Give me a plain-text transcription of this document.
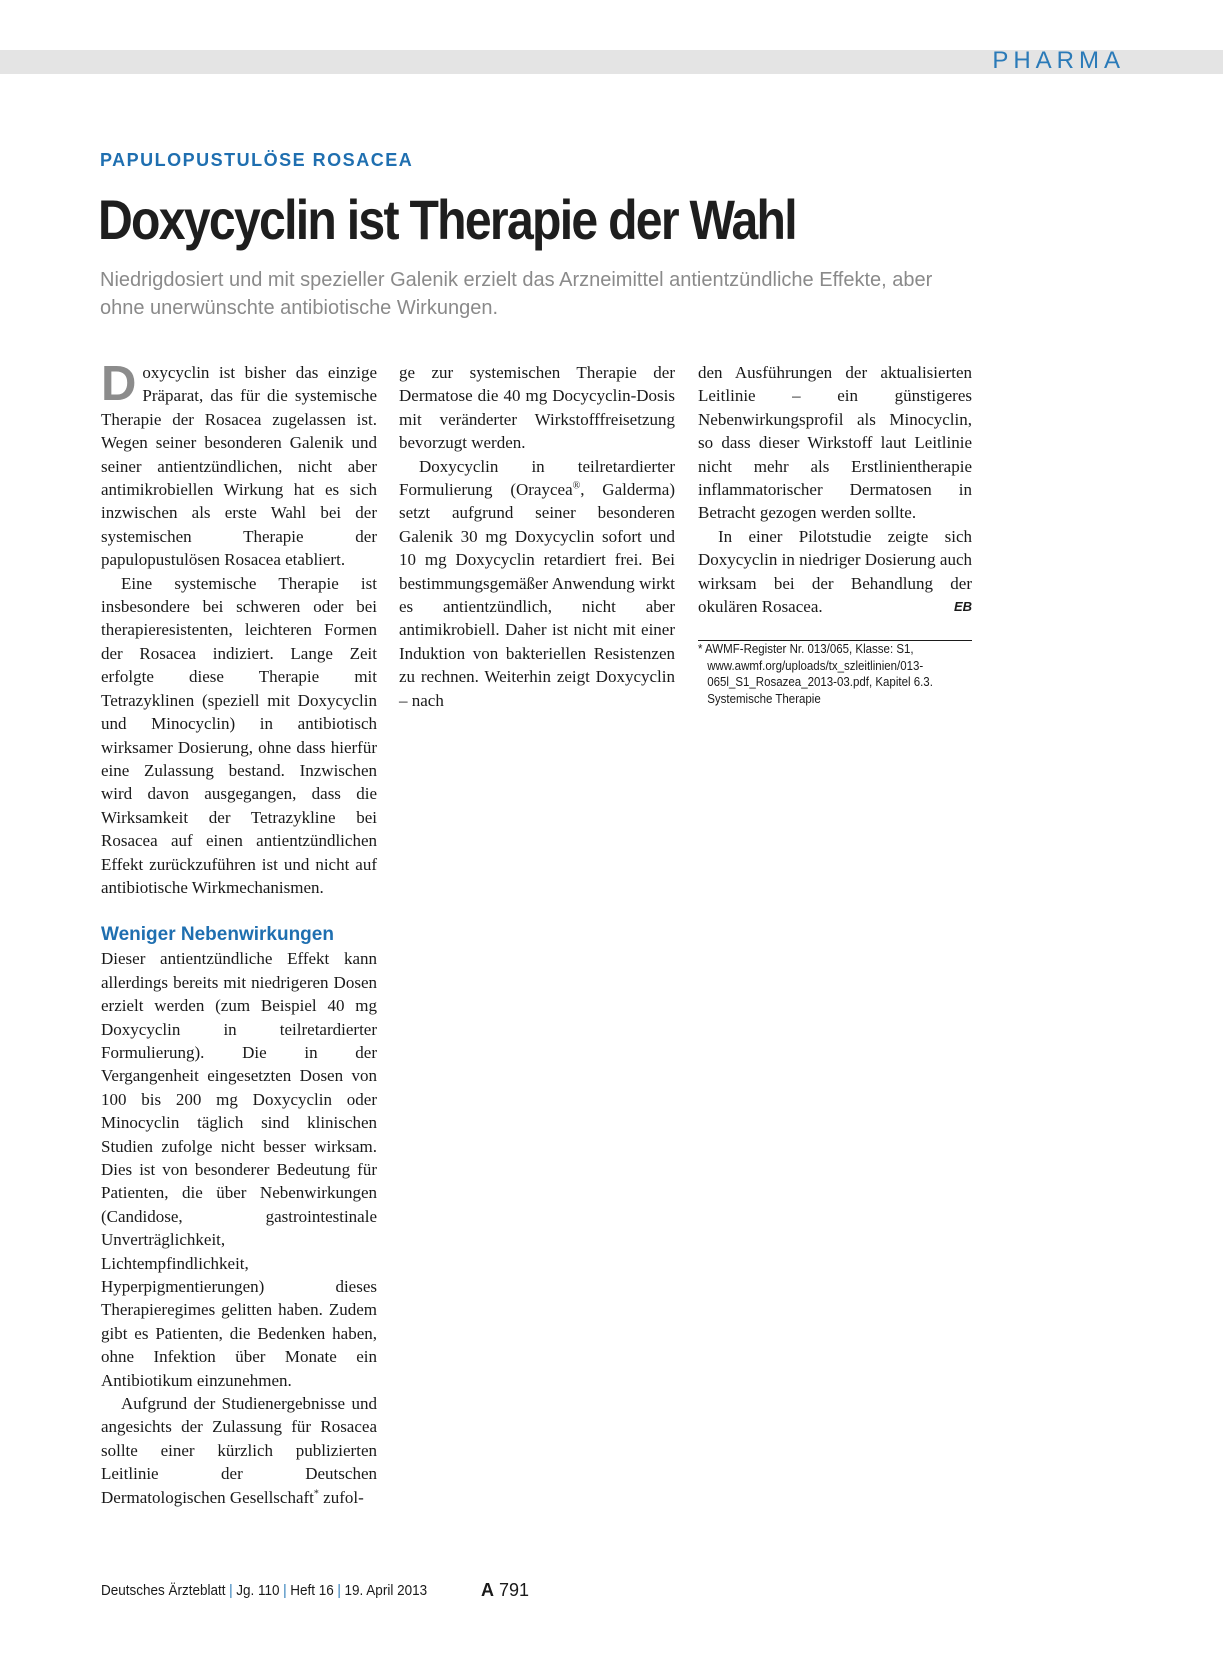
PHARMA
PAPULOPUSTULÖSE ROSACEA
Doxycyclin ist Therapie der Wahl

Niedrigdosiert und mit spezieller Galenik erzielt das Arzneimittel antientzündliche Effekte, aber ohne unerwünschte antibiotische Wirkungen.

Doxycyclin ist bisher das einzige Präparat, das für die systemische Therapie der Rosacea zugelassen ist. Wegen seiner besonderen Galenik und seiner antientzündlichen, nicht aber antimikrobiellen Wirkung hat es sich inzwischen als erste Wahl bei der systemischen Therapie der papulopustulösen Rosacea etabliert.

Eine systemische Therapie ist insbesondere bei schweren oder bei therapieresistenten, leichteren Formen der Rosacea indiziert. Lange Zeit erfolgte diese Therapie mit Tetrazyklinen (speziell mit Doxycyclin und Minocyclin) in antibiotisch wirksamer Dosierung, ohne dass hierfür eine Zulassung bestand. Inzwischen wird davon ausgegangen, dass die Wirksamkeit der Tetrazykline bei Rosacea auf einen antientzündlichen Effekt zurückzuführen ist und nicht auf antibiotische Wirkmechanismen.

Weniger Nebenwirkungen

Dieser antientzündliche Effekt kann allerdings bereits mit niedrigeren Dosen erzielt werden (zum Beispiel 40 mg Doxycyclin in teilretardierter Formulierung). Die in der Vergangenheit eingesetzten Dosen von 100 bis 200 mg Doxycyclin oder Minocyclin täglich sind klinischen Studien zufolge nicht besser wirksam. Dies ist von besonderer Bedeutung für Patienten, die über Nebenwirkungen (Candidose, gastrointestinale Unverträglichkeit, Lichtempfindlichkeit, Hyperpigmentierungen) dieses Therapieregimes gelitten haben. Zudem gibt es Patienten, die Bedenken haben, ohne Infektion über Monate ein Antibiotikum einzunehmen.

Aufgrund der Studienergebnisse und angesichts der Zulassung für Rosacea sollte einer kürzlich publizierten Leitlinie der Deutschen Dermatologischen Gesellschaft* zufol-

ge zur systemischen Therapie der Dermatose die 40 mg Docycyclin-Dosis mit veränderter Wirkstofffreisetzung bevorzugt werden.

Doxycyclin in teilretardierter Formulierung (Oraycea®, Galderma) setzt aufgrund seiner besonderen Galenik 30 mg Doxycyclin sofort und 10 mg Doxycyclin retardiert frei. Bei bestimmungsgemäßer Anwendung wirkt es antientzündlich, nicht aber antimikrobiell. Daher ist nicht mit einer Induktion von bakteriellen Resistenzen zu rechnen. Weiterhin zeigt Doxycyclin – nach

den Ausführungen der aktualisierten Leitlinie – ein günstigeres Nebenwirkungsprofil als Minocyclin, so dass dieser Wirkstoff laut Leitlinie nicht mehr als Erstlinientherapie inflammatorischer Dermatosen in Betracht gezogen werden sollte.

In einer Pilotstudie zeigte sich Doxycyclin in niedriger Dosierung auch wirksam bei der Behandlung der okulären Rosacea.	EB

* AWMF-Register Nr. 013/065, Klasse: S1, www.awmf.org/uploads/tx_szleitlinien/013-065l_S1_Rosazea_2013-03.pdf, Kapitel 6.3. Systemische Therapie

Deutsches Ärzteblatt | Jg. 110 | Heft 16 | 19. April 2013	A 791
